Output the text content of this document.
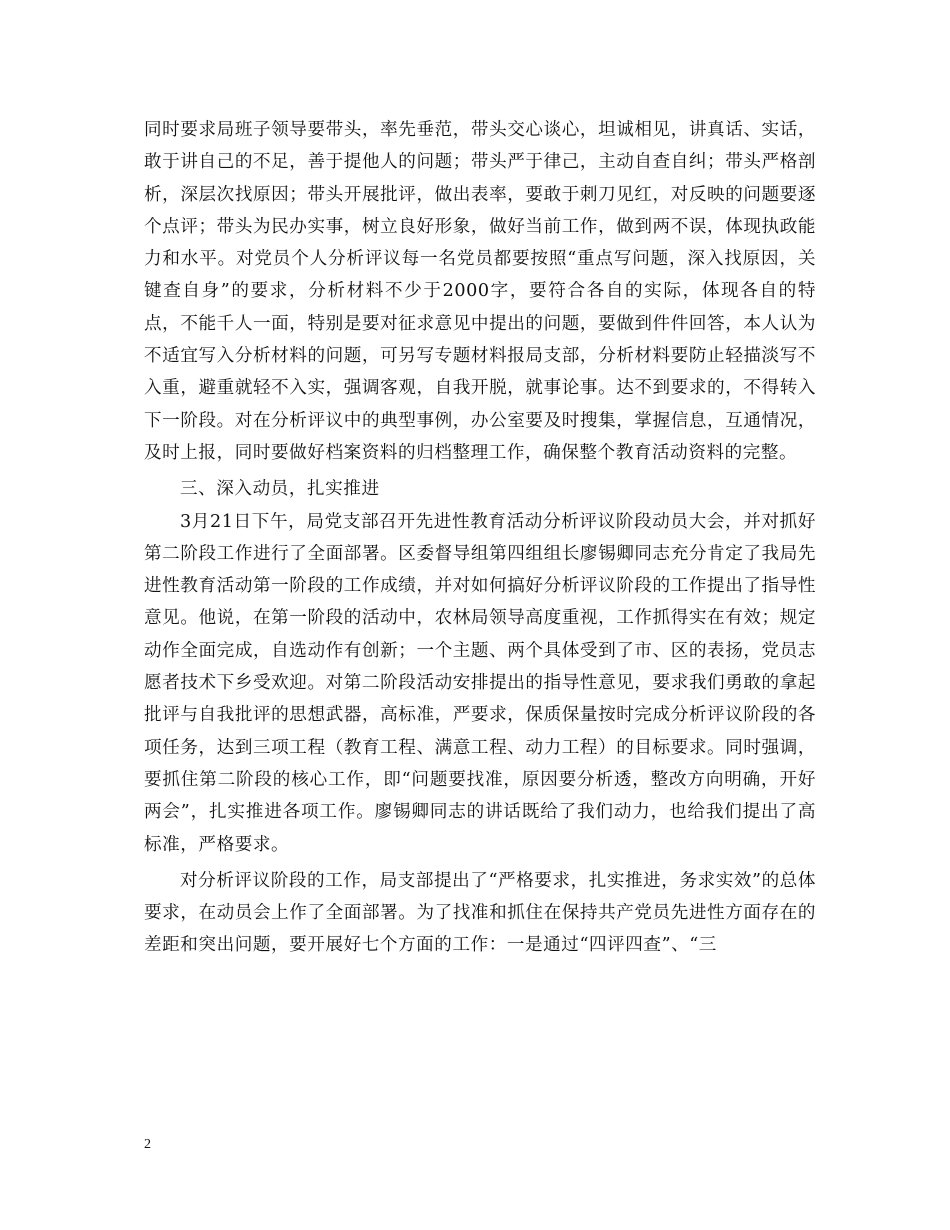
同时要求局班子领导要带头，率先垂范，带头交心谈心，坦诚相见，讲真话、实话，敢于讲自己的不足，善于提他人的问题；带头严于律己，主动自查自纠；带头严格剖析，深层次找原因；带头开展批评，做出表率，要敢于刺刀见红，对反映的问题要逐个点评；带头为民办实事，树立良好形象，做好当前工作，做到两不误，体现执政能力和水平。对党员个人分析评议每一名党员都要按照“重点写问题，深入找原因，关键查自身”的要求，分析材料不少于2000字，要符合各自的实际，体现各自的特点，不能千人一面，特别是要对征求意见中提出的问题，要做到件件回答，本人认为不适宜写入分析材料的问题，可另写专题材料报局支部，分析材料要防止轻描淡写不入重，避重就轻不入实，强调客观，自我开脱，就事论事。达不到要求的，不得转入下一阶段。对在分析评议中的典型事例，办公室要及时搜集，掌握信息，互通情况，及时上报，同时要做好档案资料的归档整理工作，确保整个教育活动资料的完整。

三、深入动员，扎实推进

3月21日下午，局党支部召开先进性教育活动分析评议阶段动员大会，并对抓好第二阶段工作进行了全面部署。区委督导组第四组组长廖锡卿同志充分肯定了我局先进性教育活动第一阶段的工作成绩，并对如何搞好分析评议阶段的工作提出了指导性意见。他说，在第一阶段的活动中，农林局领导高度重视，工作抓得实在有效；规定动作全面完成，自选动作有创新；一个主题、两个具体受到了市、区的表扬，党员志愿者技术下乡受欢迎。对第二阶段活动安排提出的指导性意见，要求我们勇敢的拿起批评与自我批评的思想武器，高标准，严要求，保质保量按时完成分析评议阶段的各项任务，达到三项工程（教育工程、满意工程、动力工程）的目标要求。同时强调，要抓住第二阶段的核心工作，即“问题要找准，原因要分析透，整改方向明确，开好两会”，扎实推进各项工作。廖锡卿同志的讲话既给了我们动力，也给我们提出了高标准，严格要求。

对分析评议阶段的工作，局支部提出了“严格要求，扎实推进，务求实效”的总体要求，在动员会上作了全面部署。为了找准和抓住在保持共产党员先进性方面存在的差距和突出问题，要开展好七个方面的工作：一是通过“四评四查”、“三

2
